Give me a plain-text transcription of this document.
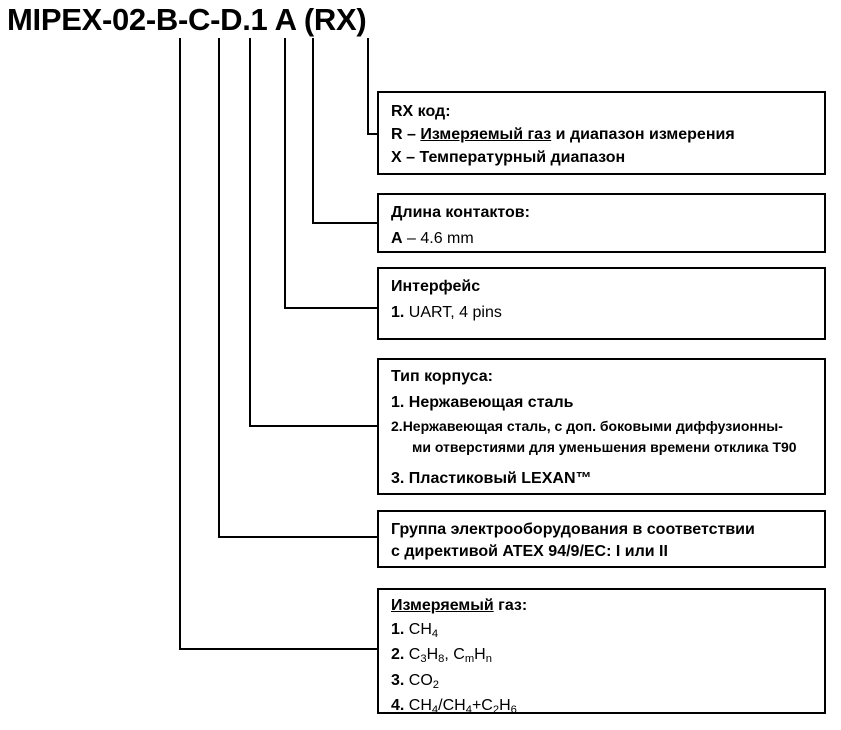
MIPEX-02-B-C-D.1 A (RX)
RX код:
R – Измеряемый газ и диапазон измерения
X – Температурный диапазон
Длина контактов:
A – 4.6 mm
Интерфейс
1. UART, 4 pins
Тип корпуса:
1. Нержавеющая сталь
2.Нержавеющая сталь, с доп. боковыми диффузионны-
ми отверстиями для уменьшения времени отклика Т90
3. Пластиковый LEXAN™
Группа электрооборудования в соответствии
с директивой ATEX 94/9/EC: I или II
Измеряемый газ:
1. CH4
2. C3H8, CmHn
3. CO2
4. CH4/CH4+C2H6
